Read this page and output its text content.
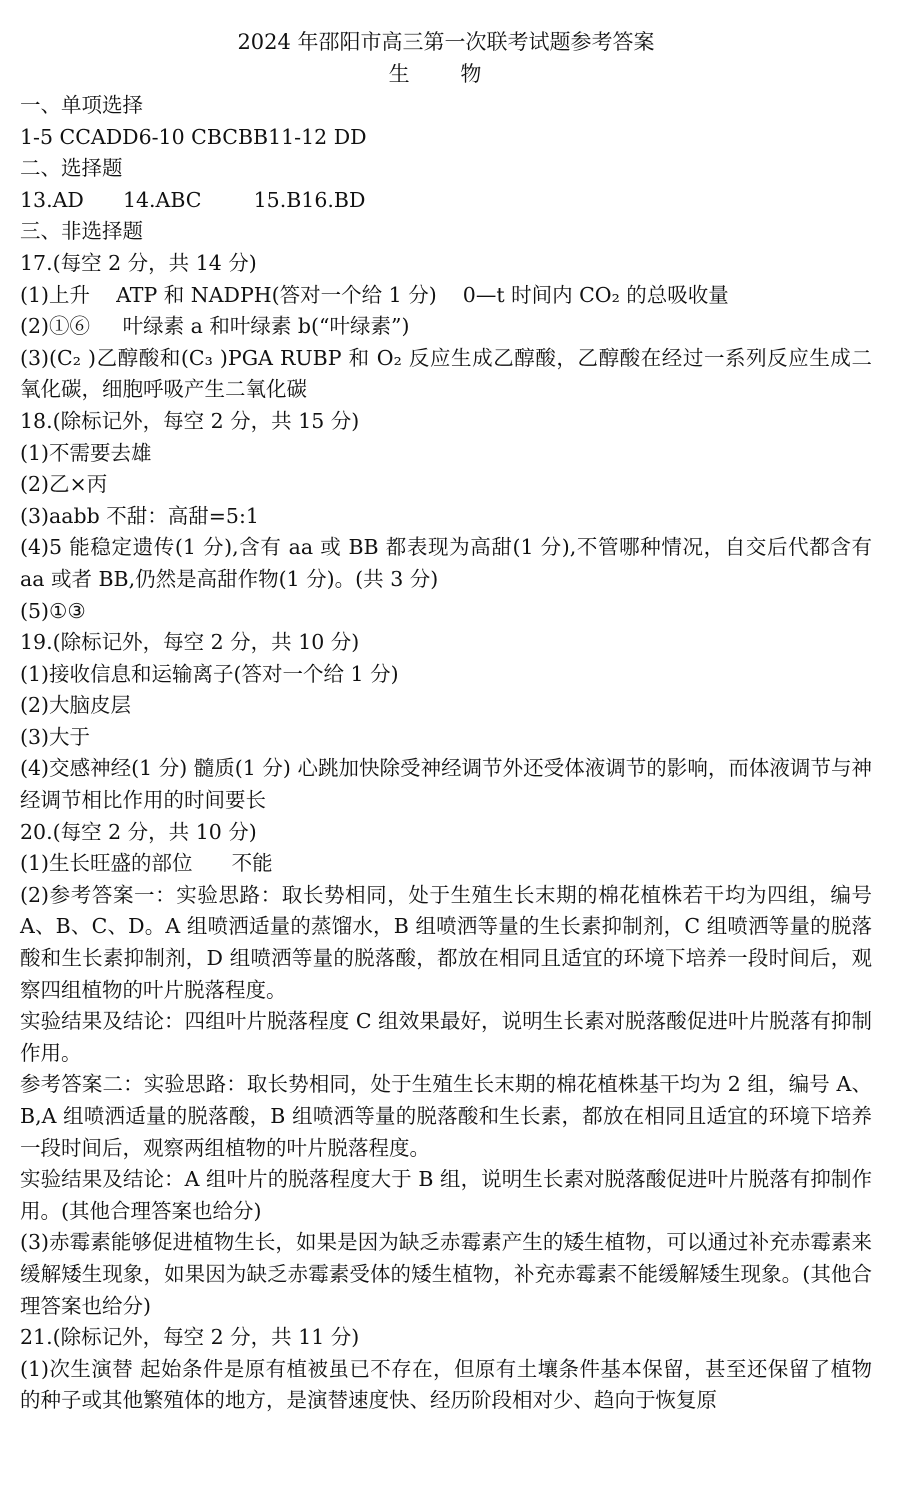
2024 年邵阳市高三第一次联考试题参考答案
生 物
一、单项选择
1-5 CCADD6-10 CBCBB11-12 DD
二、选择题
13.AD      14.ABC        15.B16.BD
三、非选择题
17.(每空 2 分，共 14 分)
(1)上升    ATP 和 NADPH(答对一个给 1 分)    0—t 时间内 CO₂ 的总吸收量
(2)①⑥     叶绿素 a 和叶绿素 b(“叶绿素”)
(3)(C₂ )乙醇酸和(C₃ )PGA RUBP 和 O₂ 反应生成乙醇酸，乙醇酸在经过一系列反应生成二氧化碳，细胞呼吸产生二氧化碳
18.(除标记外，每空 2 分，共 15 分)
(1)不需要去雄
(2)乙×丙
(3)aabb 不甜：高甜=5:1
(4)5 能稳定遗传(1 分),含有 aa 或 BB 都表现为高甜(1 分),不管哪种情况，自交后代都含有 aa 或者 BB,仍然是高甜作物(1 分)。(共 3 分)
(5)①③
19.(除标记外，每空 2 分，共 10 分)
(1)接收信息和运输离子(答对一个给 1 分)
(2)大脑皮层
(3)大于
(4)交感神经(1 分) 髓质(1 分) 心跳加快除受神经调节外还受体液调节的影响，而体液调节与神经调节相比作用的时间要长
20.(每空 2 分，共 10 分)
(1)生长旺盛的部位      不能
(2)参考答案一：实验思路：取长势相同，处于生殖生长末期的棉花植株若干均为四组，编号 A、B、C、D。A 组喷洒适量的蒸馏水，B 组喷洒等量的生长素抑制剂，C 组喷洒等量的脱落酸和生长素抑制剂，D 组喷洒等量的脱落酸，都放在相同且适宜的环境下培养一段时间后，观察四组植物的叶片脱落程度。
实验结果及结论：四组叶片脱落程度 C 组效果最好，说明生长素对脱落酸促进叶片脱落有抑制作用。
参考答案二：实验思路：取长势相同，处于生殖生长末期的棉花植株基干均为 2 组，编号 A、B,A 组喷洒适量的脱落酸，B 组喷洒等量的脱落酸和生长素，都放在相同且适宜的环境下培养一段时间后，观察两组植物的叶片脱落程度。
实验结果及结论：A 组叶片的脱落程度大于 B 组，说明生长素对脱落酸促进叶片脱落有抑制作用。(其他合理答案也给分)
(3)赤霉素能够促进植物生长，如果是因为缺乏赤霉素产生的矮生植物，可以通过补充赤霉素来缓解矮生现象，如果因为缺乏赤霉素受体的矮生植物，补充赤霉素不能缓解矮生现象。(其他合理答案也给分)
21.(除标记外，每空 2 分，共 11 分)
(1)次生演替 起始条件是原有植被虽已不存在，但原有土壤条件基本保留，甚至还保留了植物的种子或其他繁殖体的地方，是演替速度快、经历阶段相对少、趋向于恢复原
